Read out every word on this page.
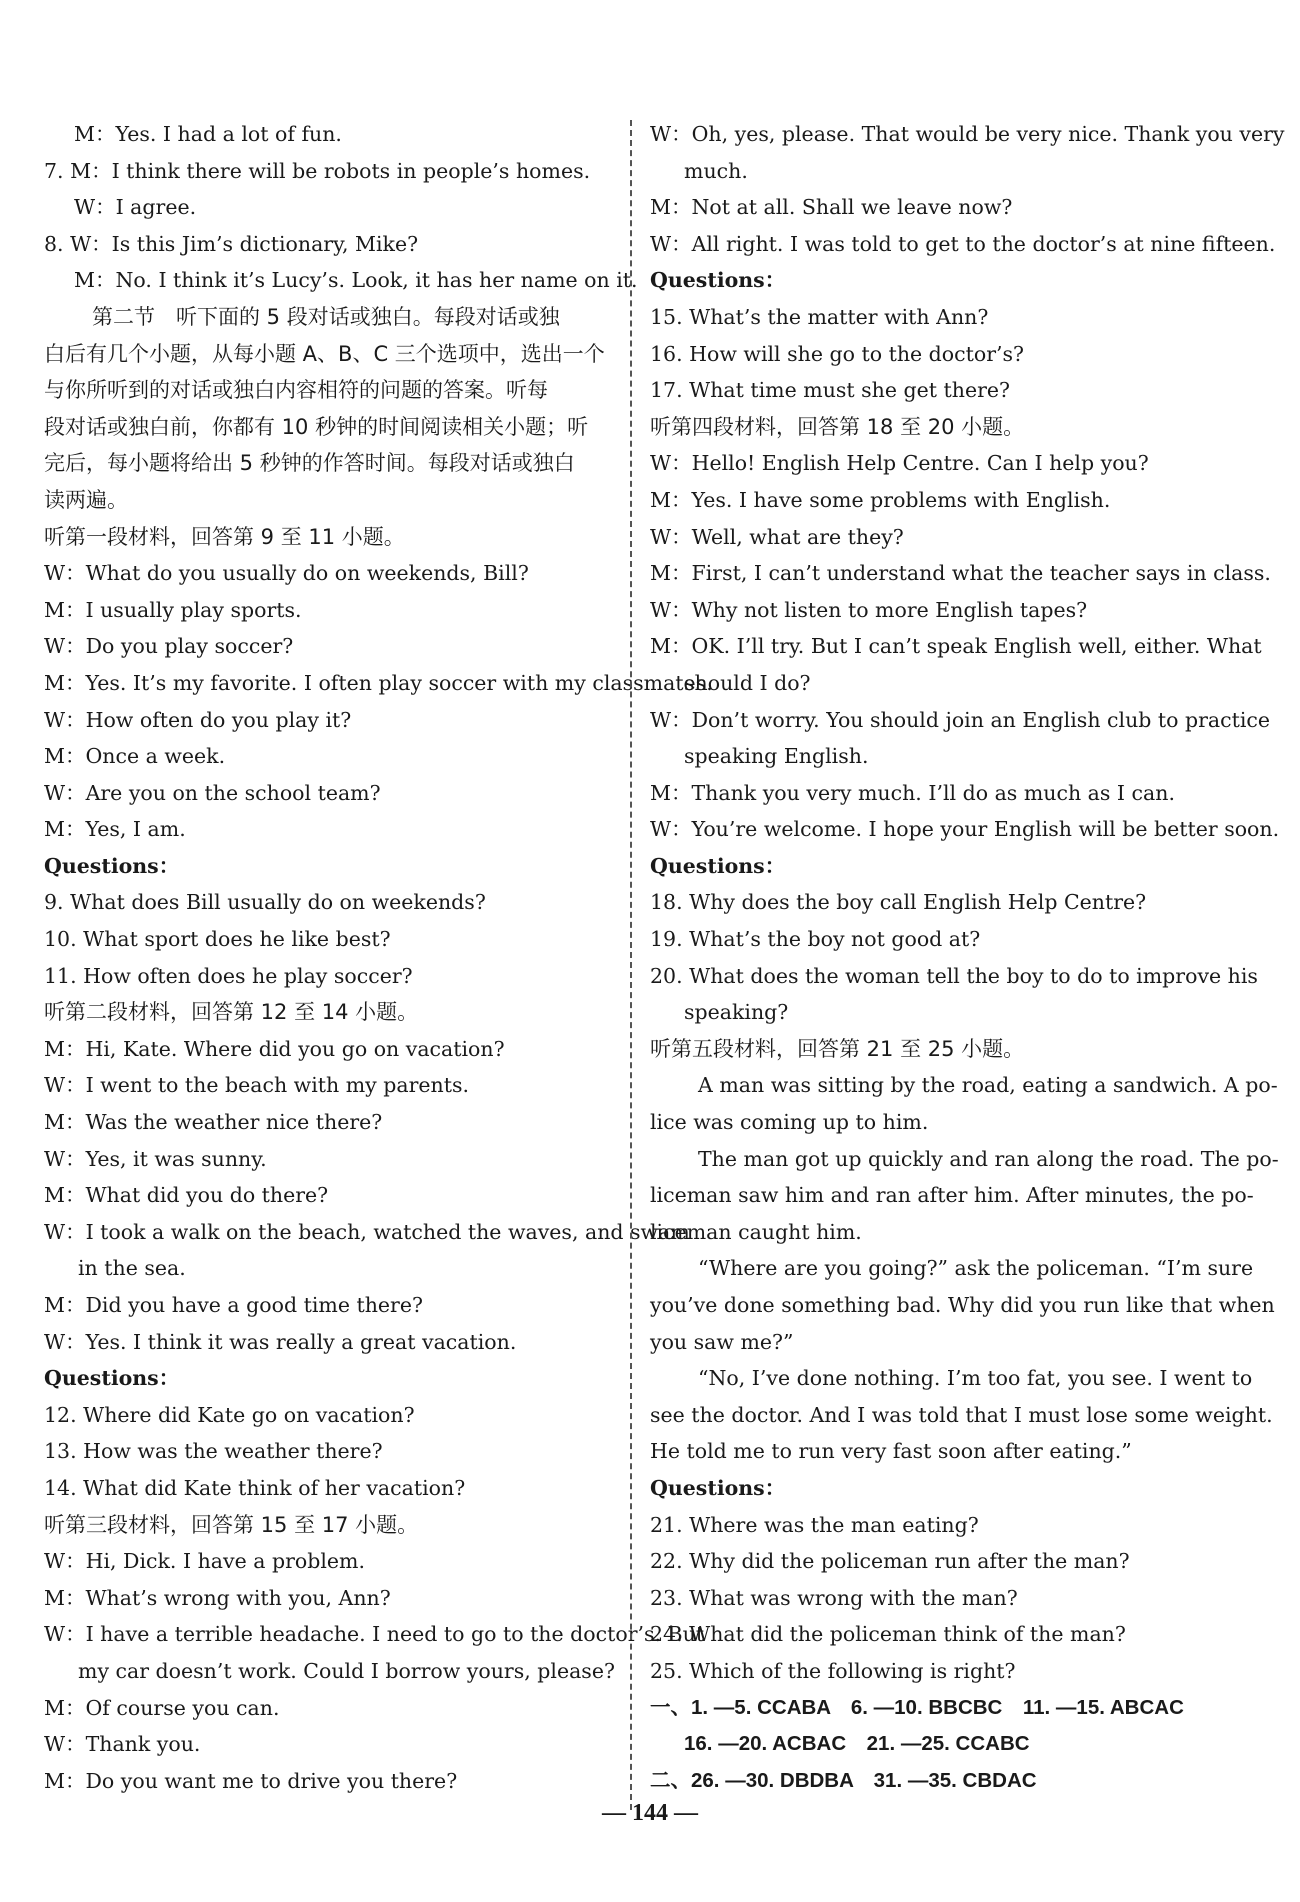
M：Yes. I had a lot of fun.
7. M：I think there will be robots in people’s homes.
W：I agree.
8. W：Is this Jim’s dictionary, Mike?
M：No. I think it’s Lucy’s. Look, it has her name on it.
第二节　听下面的 5 段对话或独白。每段对话或独
白后有几个小题，从每小题 A、B、C 三个选项中，选出一个
与你所听到的对话或独白内容相符的问题的答案。听每
段对话或独白前，你都有 10 秒钟的时间阅读相关小题；听
完后，每小题将给出 5 秒钟的作答时间。每段对话或独白
读两遍。
听第一段材料，回答第 9 至 11 小题。
W：What do you usually do on weekends, Bill?
M：I usually play sports.
W：Do you play soccer?
M：Yes. It’s my favorite. I often play soccer with my classmates.
W：How often do you play it?
M：Once a week.
W：Are you on the school team?
M：Yes, I am.
Questions：
9. What does Bill usually do on weekends?
10. What sport does he like best?
11. How often does he play soccer?
听第二段材料，回答第 12 至 14 小题。
M：Hi, Kate. Where did you go on vacation?
W：I went to the beach with my parents.
M：Was the weather nice there?
W：Yes, it was sunny.
M：What did you do there?
W：I took a walk on the beach, watched the waves, and swam
in the sea.
M：Did you have a good time there?
W：Yes. I think it was really a great vacation.
Questions：
12. Where did Kate go on vacation?
13. How was the weather there?
14. What did Kate think of her vacation?
听第三段材料，回答第 15 至 17 小题。
W：Hi, Dick. I have a problem.
M：What’s wrong with you, Ann?
W：I have a terrible headache. I need to go to the doctor’s. But
my car doesn’t work. Could I borrow yours, please?
M：Of course you can.
W：Thank you.
M：Do you want me to drive you there?
W：Oh, yes, please. That would be very nice. Thank you very
much.
M：Not at all. Shall we leave now?
W：All right. I was told to get to the doctor’s at nine fifteen.
Questions：
15. What’s the matter with Ann?
16. How will she go to the doctor’s?
17. What time must she get there?
听第四段材料，回答第 18 至 20 小题。
W：Hello! English Help Centre. Can I help you?
M：Yes. I have some problems with English.
W：Well, what are they?
M：First, I can’t understand what the teacher says in class.
W：Why not listen to more English tapes?
M：OK. I’ll try. But I can’t speak English well, either. What
should I do?
W：Don’t worry. You should join an English club to practice
speaking English.
M：Thank you very much. I’ll do as much as I can.
W：You’re welcome. I hope your English will be better soon.
Questions：
18. Why does the boy call English Help Centre?
19. What’s the boy not good at?
20. What does the woman tell the boy to do to improve his
speaking?
听第五段材料，回答第 21 至 25 小题。
A man was sitting by the road, eating a sandwich. A po-
lice was coming up to him.
The man got up quickly and ran along the road. The po-
liceman saw him and ran after him. After minutes, the po-
liceman caught him.
“Where are you going?” ask the policeman. “I’m sure
you’ve done something bad. Why did you run like that when
you saw me?”
“No, I’ve done nothing. I’m too fat, you see. I went to
see the doctor. And I was told that I must lose some weight.
He told me to run very fast soon after eating.”
Questions：
21. Where was the man eating?
22. Why did the policeman run after the man?
23. What was wrong with the man?
24. What did the policeman think of the man?
25. Which of the following is right?
一、1. —5. CCABA　6. —10. BBCBC　11. —15. ABCAC
16. —20. ACBAC　21. —25. CCABC
二、26. —30. DBDBA　31. —35. CBDAC
— 144 —
